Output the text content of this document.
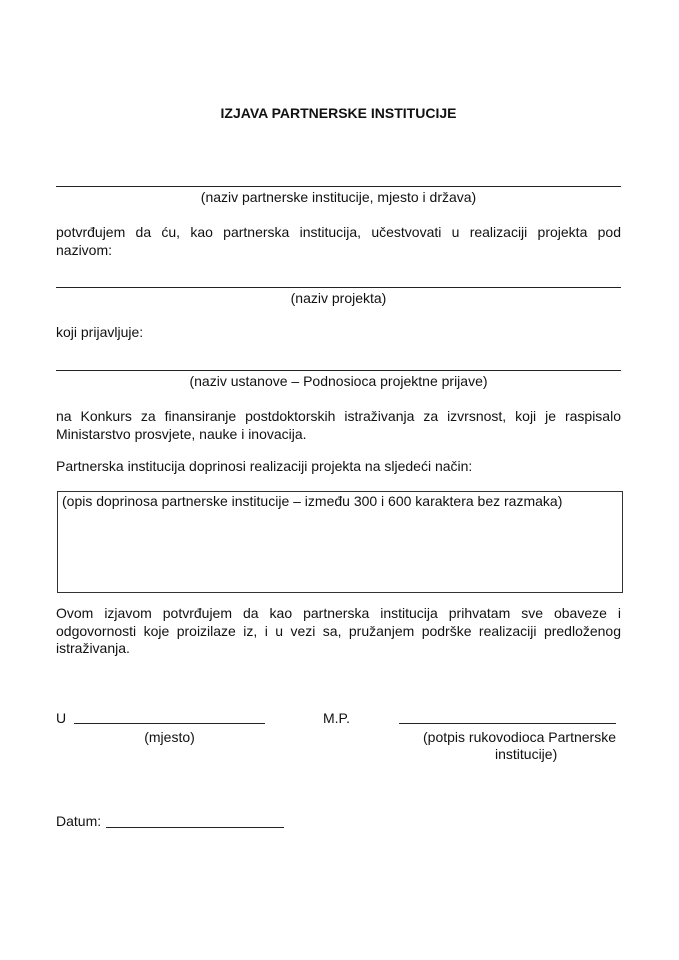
IZJAVA PARTNERSKE INSTITUCIJE
(naziv partnerske institucije, mjesto i država)
potvrđujem da ću, kao partnerska institucija, učestvovati u realizaciji projekta pod
nazivom:
(naziv projekta)
koji prijavljuje:
(naziv ustanove – Podnosioca projektne prijave)
na Konkurs za finansiranje postdoktorskih istraživanja za izvrsnost, koji je raspisalo
Ministarstvo prosvjete, nauke i inovacija.
Partnerska institucija doprinosi realizaciji projekta na sljedeći način:
(opis doprinosa partnerske institucije – između 300 i 600 karaktera bez razmaka)
Ovom izjavom potvrđujem da kao partnerska institucija prihvatam sve obaveze i
odgovornosti koje proizilaze iz, i u vezi sa, pružanjem podrške realizaciji predloženog
istraživanja.
U
(mjesto)
M.P.
(potpis rukovodioca Partnerske
institucije)
Datum:
